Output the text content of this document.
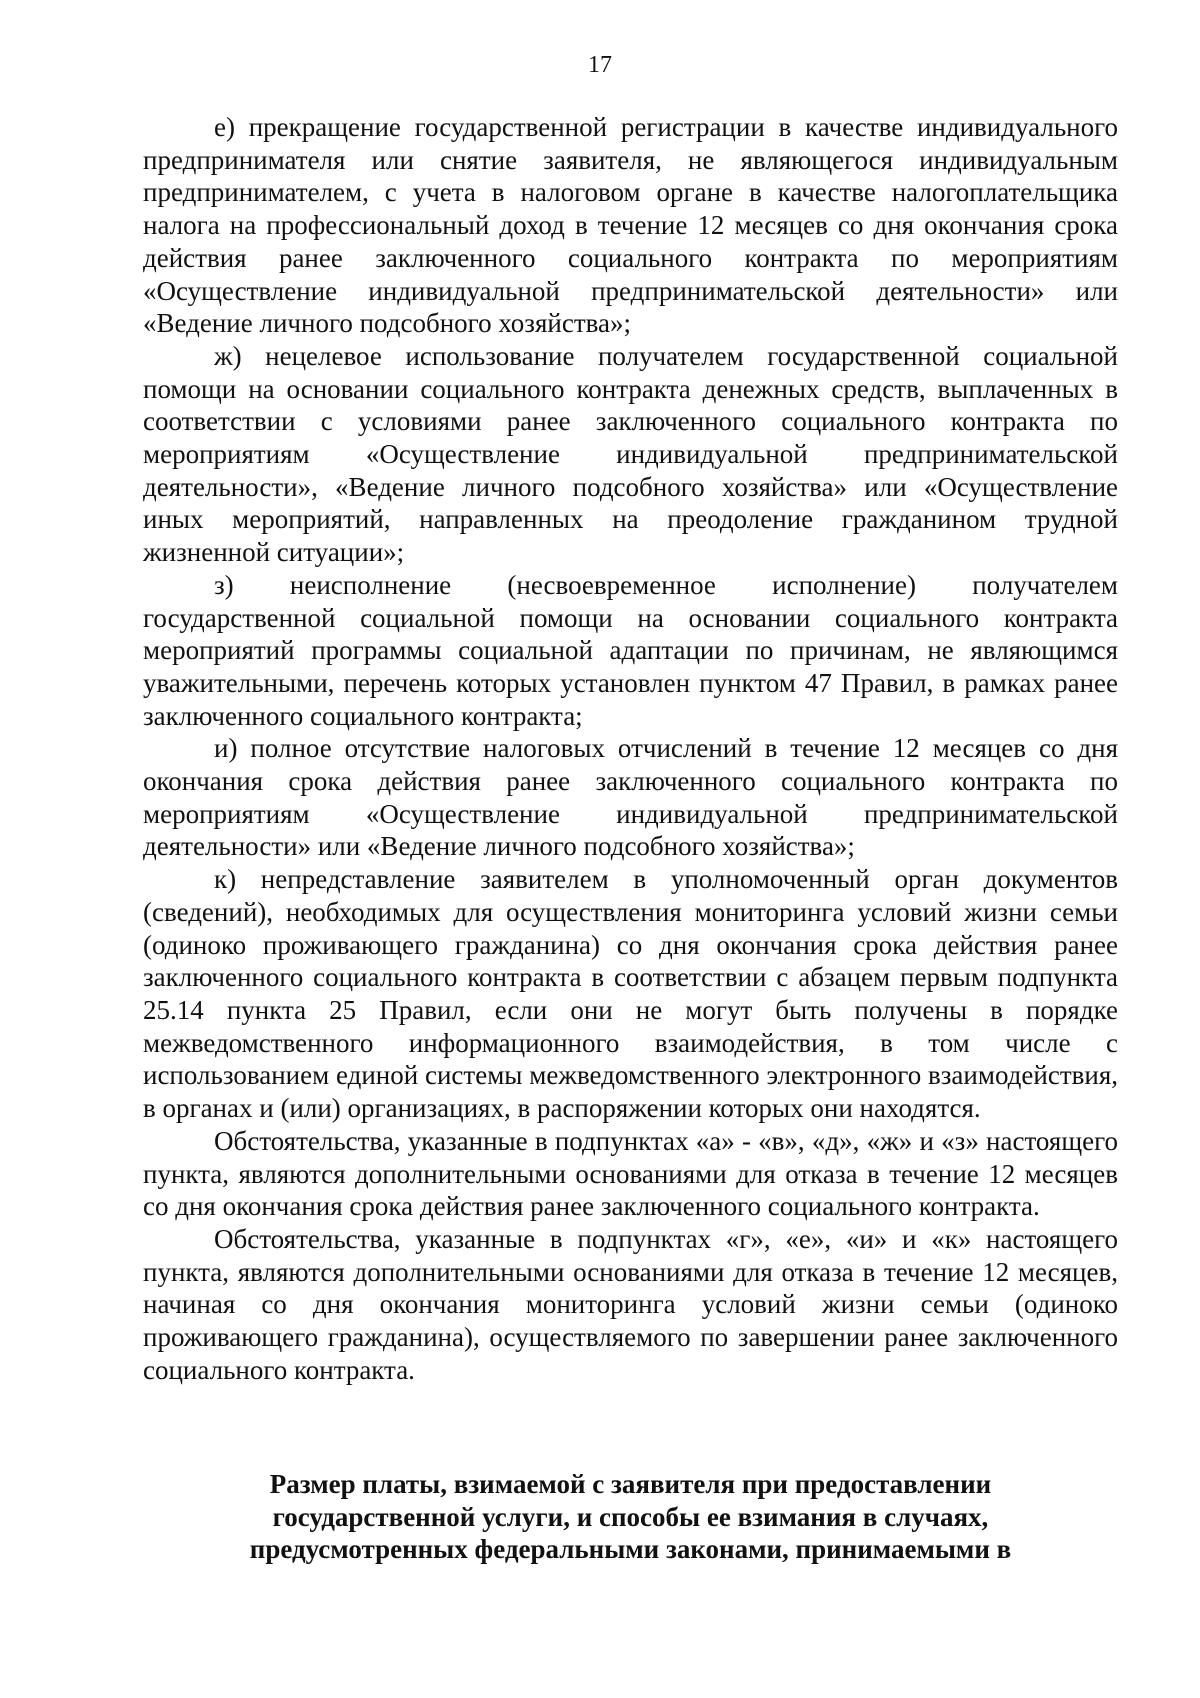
17

е) прекращение государственной регистрации в качестве индивидуального предпринимателя или снятие заявителя, не являющегося индивидуальным предпринимателем, с учета в налоговом органе в качестве налогоплательщика налога на профессиональный доход в течение 12 месяцев со дня окончания срока действия ранее заключенного социального контракта по мероприятиям «Осуществление индивидуальной предпринимательской деятельности» или «Ведение личного подсобного хозяйства»;

ж) нецелевое использование получателем государственной социальной помощи на основании социального контракта денежных средств, выплаченных в соответствии с условиями ранее заключенного социального контракта по мероприятиям «Осуществление индивидуальной предпринимательской деятельности», «Ведение личного подсобного хозяйства» или «Осуществление иных мероприятий, направленных на преодоление гражданином трудной жизненной ситуации»;

з) неисполнение (несвоевременное исполнение) получателем государственной социальной помощи на основании социального контракта мероприятий программы социальной адаптации по причинам, не являющимся уважительными, перечень которых установлен пунктом 47 Правил, в рамках ранее заключенного социального контракта;

и) полное отсутствие налоговых отчислений в течение 12 месяцев со дня окончания срока действия ранее заключенного социального контракта по мероприятиям «Осуществление индивидуальной предпринимательской деятельности» или «Ведение личного подсобного хозяйства»;

к) непредставление заявителем в уполномоченный орган документов (сведений), необходимых для осуществления мониторинга условий жизни семьи (одиноко проживающего гражданина) со дня окончания срока действия ранее заключенного социального контракта в соответствии с абзацем первым подпункта 25.14 пункта 25 Правил, если они не могут быть получены в порядке межведомственного информационного взаимодействия, в том числе с использованием единой системы межведомственного электронного взаимодействия, в органах и (или) организациях, в распоряжении которых они находятся.

Обстоятельства, указанные в подпунктах «а» - «в», «д», «ж» и «з» настоящего пункта, являются дополнительными основаниями для отказа в течение 12 месяцев со дня окончания срока действия ранее заключенного социального контракта.

Обстоятельства, указанные в подпунктах «г», «е», «и» и «к» настоящего пункта, являются дополнительными основаниями для отказа в течение 12 месяцев, начиная со дня окончания мониторинга условий жизни семьи (одиноко проживающего гражданина), осуществляемого по завершении ранее заключенного социального контракта.

Размер платы, взимаемой с заявителя при предоставлении
государственной услуги, и способы ее взимания в случаях,
предусмотренных федеральными законами, принимаемыми в
